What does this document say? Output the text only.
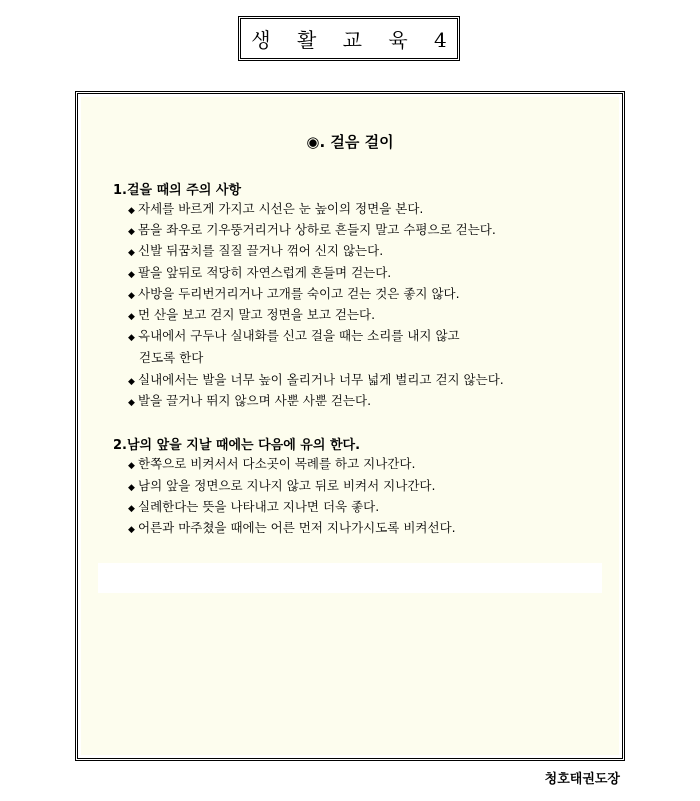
생 활 교 육 4
◉. 걸음 걸이
1.걸을 때의 주의 사항
◆ 자세를 바르게 가지고 시선은 눈 높이의 정면을 본다.
◆ 몸을 좌우로 기우뚱거리거나 상하로 흔들지 말고 수평으로 걷는다.
◆ 신발 뒤꿈치를 질질 끌거나 꺾어 신지 않는다.
◆ 팔을 앞뒤로 적당히 자연스럽게 흔들며 걷는다.
◆ 사방을 두리번거리거나 고개를 숙이고 걷는 것은 좋지 않다.
◆ 먼 산을 보고 걷지 말고 정면을 보고 걷는다.
◆ 옥내에서 구두나 실내화를 신고 걸을 때는 소리를 내지 않고
걷도록 한다
◆ 실내에서는 발을 너무 높이 올리거나 너무 넓게 벌리고 걷지 않는다.
◆ 발을 끌거나 뛰지 않으며 사뿐 사뿐 걷는다.
2.남의 앞을 지날 때에는 다음에 유의 한다.
◆ 한쪽으로 비켜서서 다소곳이 목례를 하고 지나간다.
◆ 남의 앞을 정면으로 지나지 않고 뒤로 비켜서 지나간다.
◆ 실례한다는 뜻을 나타내고 지나면 더욱 좋다.
◆ 어른과 마주쳤을 때에는 어른 먼저 지나가시도록 비켜선다.
청호태권도장
